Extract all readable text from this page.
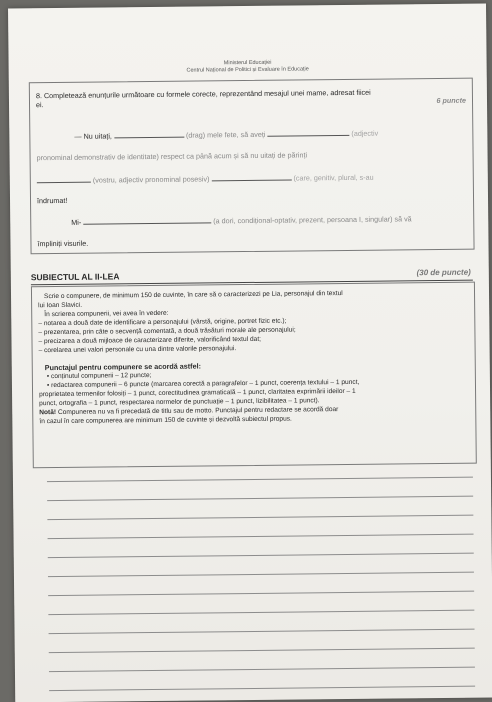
Ministerul Educației
Centrul Național de Politici și Evaluare în Educație
8. Completează enunțurile următoare cu formele corecte, reprezentând mesajul unei mame, adresat fiicei
ei.	6 puncte
— Nu uitați,	(drag) mele fete, să aveți	(adjectiv
pronominal demonstrativ de identitate) respect ca până acum și să nu uitați de părinți
(vostru, adjectiv pronominal posesiv)	(care, genitiv, plural, s-au
îndrumat!
Mi-	(a dori, condițional-optativ, prezent, persoana I, singular) să vă
împliniți visurile.
SUBIECTUL AL II-LEA	(30 de puncte)
Scrie o compunere, de minimum 150 de cuvinte, în care să o caracterizezi pe Lia, personajul din textul
lui Ioan Slavici.
În scrierea compunerii, vei avea în vedere:
– notarea a două date de identificare a personajului (vârstă, origine, portret fizic etc.);
– prezentarea, prin câte o secvență comentată, a două trăsături morale ale personajului;
– precizarea a două mijloace de caracterizare diferite, valorificând textul dat;
– corelarea unei valori personale cu una dintre valorile personajului.
Punctajul pentru compunere se acordă astfel:
• conținutul compunerii – 12 puncte;
• redactarea compunerii – 6 puncte (marcarea corectă a paragrafelor – 1 punct, coerența textului – 1 punct,
proprietatea termenilor folosiți – 1 punct, corectitudinea gramaticală – 1 punct, claritatea exprimării ideilor – 1
punct, ortografia – 1 punct, respectarea normelor de punctuație – 1 punct, lizibilitatea – 1 punct).
Notă! Compunerea nu va fi precedată de titlu sau de motto. Punctajul pentru redactare se acordă doar
în cazul în care compunerea are minimum 150 de cuvinte și dezvoltă subiectul propus.
